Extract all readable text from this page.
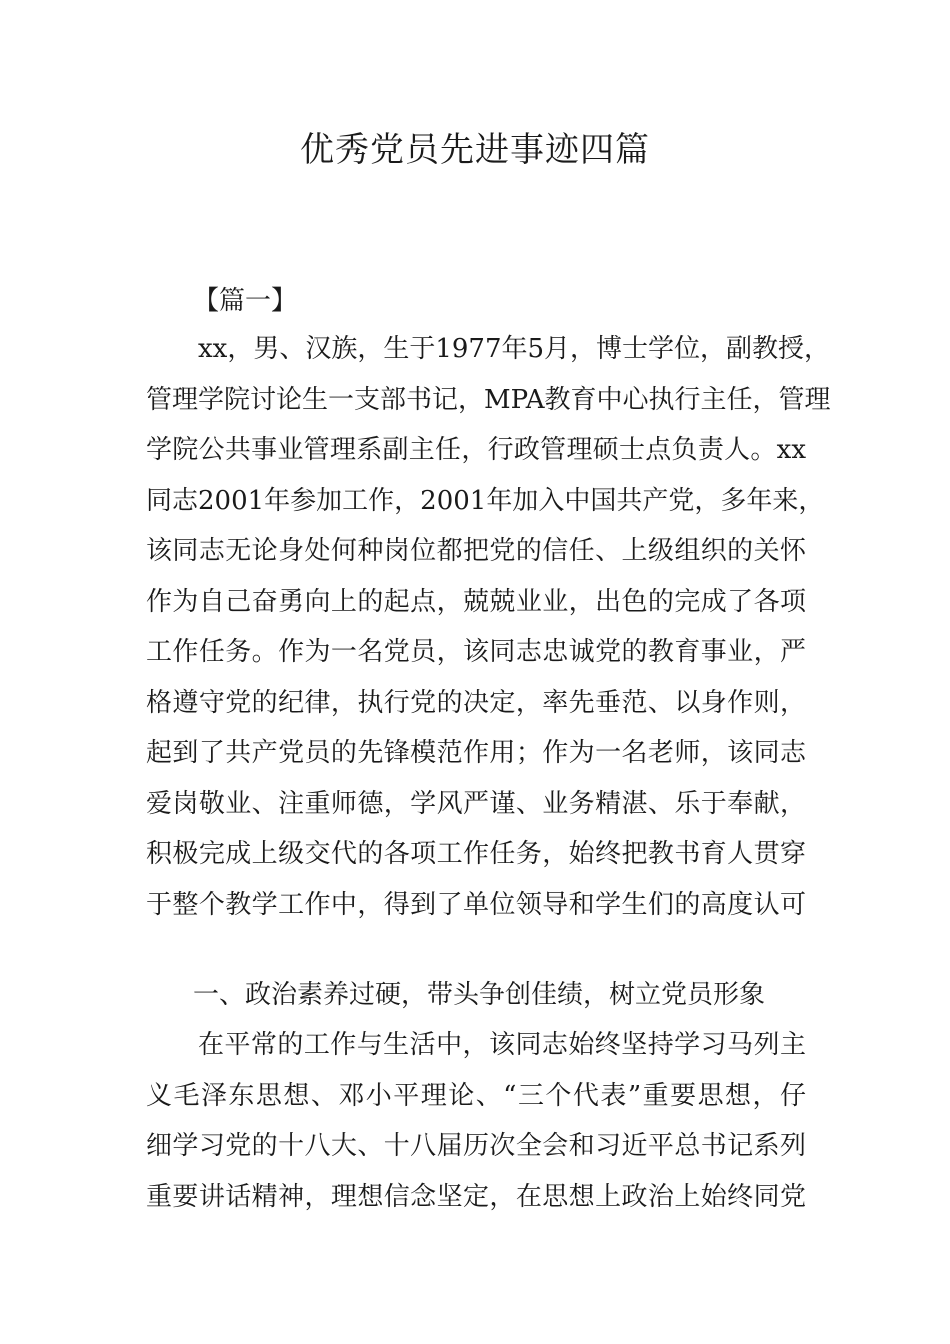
优秀党员先进事迹四篇

【篇一】

xx，男、汉族，生于1977年5月，博士学位，副教授，
管理学院讨论生一支部书记，MPA教育中心执行主任，管理
学院公共事业管理系副主任，行政管理硕士点负责人。xx
同志2001年参加工作，2001年加入中国共产党，多年来，
该同志无论身处何种岗位都把党的信任、上级组织的关怀
作为自己奋勇向上的起点，兢兢业业，出色的完成了各项
工作任务。作为一名党员，该同志忠诚党的教育事业，严
格遵守党的纪律，执行党的决定，率先垂范、以身作则，
起到了共产党员的先锋模范作用；作为一名老师，该同志
爱岗敬业、注重师德，学风严谨、业务精湛、乐于奉献，
积极完成上级交代的各项工作任务，始终把教书育人贯穿
于整个教学工作中，得到了单位领导和学生们的高度认可

一、政治素养过硬，带头争创佳绩，树立党员形象

在平常的工作与生活中，该同志始终坚持学习马列主
义毛泽东思想、邓小平理论、“三个代表”重要思想，仔
细学习党的十八大、十八届历次全会和习近平总书记系列
重要讲话精神，理想信念坚定，在思想上政治上始终同党
